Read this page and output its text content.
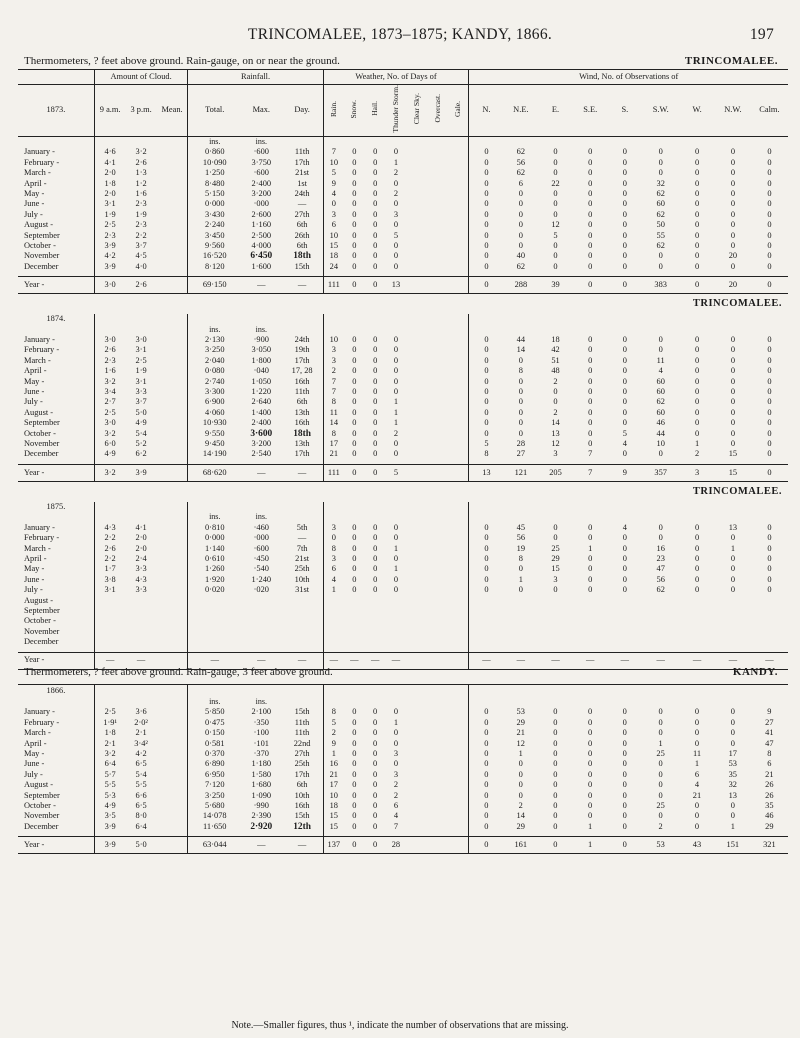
TRINCOMALEE, 1873–1875; KANDY, 1866.	197
Thermometers, ? feet above ground. Rain-gauge, on or near the ground.	TRINCOMALEE.
	Amount of Cloud.			Rainfall.			Weather, No. of Days of							Wind, No. of Observations of								
1873.	9 a.m.	3 p.m.	Mean.	Total.	Max.	Day.	Rain.	Snow.	Hail.	Thunder Storm.	Clear Sky.	Overcast.	Gale.	N.	N.E.	E.	S.E.	S.	S.W.	W.	N.W.	Calm.
				ins.	ins.																	
January -	4·6	3·2		0·860	·600	11th	7	0	0	0				0	62	0	0	0	0	0	0	0
February -	4·1	2·6		10·090	3·750	17th	10	0	0	1				0	56	0	0	0	0	0	0	0
March -	2·0	1·3		1·250	·600	21st	5	0	0	2				0	62	0	0	0	0	0	0	0
April -	1·8	1·2		8·480	2·400	1st	9	0	0	0				0	6	22	0	0	32	0	0	0
May -	2·0	1·6		5·150	3·200	24th	4	0	0	2				0	0	0	0	0	62	0	0	0
June -	3·1	2·3		0·000	·000	—	0	0	0	0				0	0	0	0	0	60	0	0	0
July -	1·9	1·9		3·430	2·600	27th	3	0	0	3				0	0	0	0	0	62	0	0	0
August -	2·5	2·3		2·240	1·160	6th	6	0	0	0				0	0	12	0	0	50	0	0	0
September	2·3	2·2		3·450	2·500	26th	10	0	0	5				0	0	5	0	0	55	0	0	0
October -	3·9	3·7		9·560	4·000	6th	15	0	0	0				0	0	0	0	0	62	0	0	0
November	4·2	4·5		16·520	6·450	18th	18	0	0	0				0	40	0	0	0	0	0	20	0
December	3·9	4·0		8·120	1·600	15th	24	0	0	0				0	62	0	0	0	0	0	0	0

Year -	3·0	2·6		69·150	—	—	111	0	0	13				0	288	39	0	0	383	0	20	0
TRINCOMALEE.																						
1874.																						
				ins.	ins.																	
January -	3·0	3·0		2·130	·900	24th	10	0	0	0				0	44	18	0	0	0	0	0	0
February -	2·6	3·1		3·250	3·050	19th	3	0	0	0				0	14	42	0	0	0	0	0	0
March -	2·3	2·5		2·040	1·800	17th	3	0	0	0				0	0	51	0	0	11	0	0	0
April -	1·6	1·9		0·080	·040	17, 28	2	0	0	0				0	8	48	0	0	4	0	0	0
May -	3·2	3·1		2·740	1·050	16th	7	0	0	0				0	0	2	0	0	60	0	0	0
June -	3·4	3·3		3·300	1·220	11th	7	0	0	0				0	0	0	0	0	60	0	0	0
July -	2·7	3·7		6·900	2·640	6th	8	0	0	1				0	0	0	0	0	62	0	0	0
August -	2·5	5·0		4·060	1·400	13th	11	0	0	1				0	0	2	0	0	60	0	0	0
September	3·0	4·9		10·930	2·400	16th	14	0	0	1				0	0	14	0	0	46	0	0	0
October -	3·2	5·4		9·550	3·600	18th	8	0	0	2				0	0	13	0	5	44	0	0	0
November	6·0	5·2		9·450	3·200	13th	17	0	0	0				5	28	12	0	4	10	1	0	0
December	4·9	6·2		14·190	2·540	17th	21	0	0	0				8	27	3	7	0	0	2	15	0

Year -	3·2	3·9		68·620	—	—	111	0	0	5				13	121	205	7	9	357	3	15	0
TRINCOMALEE.																						
1875.																						
				ins.	ins.																	
January -	4·3	4·1		0·810	·460	5th	3	0	0	0				0	45	0	0	4	0	0	13	0
February -	2·2	2·0		0·000	·000	—	0	0	0	0				0	56	0	0	0	0	0	0	0
March -	2·6	2·0		1·140	·600	7th	8	0	0	1				0	19	25	1	0	16	0	1	0
April -	2·2	2·4		0·610	·450	21st	3	0	0	0				0	8	29	0	0	23	0	0	0
May -	1·7	3·3		1·260	·540	25th	6	0	0	1				0	0	15	0	0	47	0	0	0
June -	3·8	4·3		1·920	1·240	10th	4	0	0	0				0	1	3	0	0	56	0	0	0
July -	3·1	3·3		0·020	·020	31st	1	0	0	0				0	0	0	0	0	62	0	0	0
August -																						
September																						
October -																						
November																						
December																						

Year -	—	—		—	—	—	—	—	—	—				—	—	—	—	—	—	—	—	—
Thermometers, ? feet above ground. Rain-gauge, 3 feet above ground.	KANDY.
1866.																						
				ins.	ins.																	
January -	2·5	3·6		5·850	2·100	15th	8	0	0	0				0	53	0	0	0	0	0	0	9
February -	1·9¹	2·0²		0·475	·350	11th	5	0	0	1				0	29	0	0	0	0	0	0	27
March -	1·8	2·1		0·150	·100	11th	2	0	0	0				0	21	0	0	0	0	0	0	41
April -	2·1	3·4²		0·581	·101	22nd	9	0	0	0				0	12	0	0	0	1	0	0	47
May -	3·2	4·2		0·370	·370	27th	1	0	0	3				0	1	0	0	0	25	11	17	8
June -	6·4	6·5		6·890	1·180	25th	16	0	0	0				0	0	0	0	0	0	1	53	6
July -	5·7	5·4		6·950	1·580	17th	21	0	0	3				0	0	0	0	0	0	6	35	21
August -	5·5	5·5		7·120	1·680	6th	17	0	0	2				0	0	0	0	0	0	4	32	26
September	5·3	6·6		3·250	1·090	10th	10	0	0	2				0	0	0	0	0	0	21	13	26
October -	4·9	6·5		5·680	·990	16th	18	0	0	6				0	2	0	0	0	25	0	0	35
November	3·5	8·0		14·078	2·390	15th	15	0	0	4				0	14	0	0	0	0	0	0	46
December	3·9	6·4		11·650	2·920	12th	15	0	0	7				0	29	0	1	0	2	0	1	29

Year -	3·9	5·0		63·044	—	—	137	0	0	28				0	161	0	1	0	53	43	151	321
Note.—Smaller figures, thus ¹, indicate the number of observations that are missing.
